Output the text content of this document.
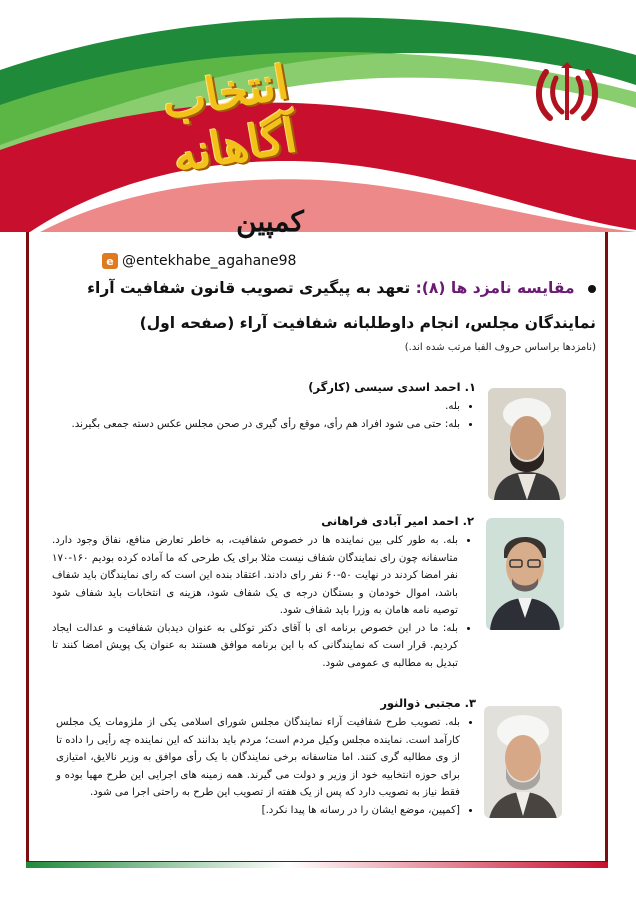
انتخاب آگاهانه
کمپین
e @entekhabe_agahane98
مقایسه نامزد ها (۸): تعهد به پیگیری تصویب قانون شفافیت آراء
نمایندگان مجلس، انجام داوطلبانه شفافیت آراء (صفحه اول)
(نامزدها براساس حروف الفبا مرتب شده اند.)
۱. احمد اسدی سیسی (کارگر)
• بله.
• بله: حتی می شود افراد هم رأی، موقع رأی گیری در صحن مجلس عکس دسته جمعی بگیرند.
۲. احمد امیر آبادی فراهانی
• بله. به طور کلی بین نماینده ها در خصوص شفافیت، به خاطر تعارض منافع، نفاق وجود دارد. متاسفانه چون رای نمایندگان شفاف نیست مثلا برای یک طرحی که ما آماده کرده بودیم ۱۶۰-۱۷۰ نفر امضا کردند در نهایت ۵۰-۶۰ نفر رای دادند. اعتقاد بنده این است که رای نمایندگان باید شفاف باشد، اموال خودمان و بستگان درجه ی یک شفاف شود، هزینه ی انتخابات باید شفاف شود توصیه نامه هامان به وزرا باید شفاف شود.
• بله: ما در این خصوص برنامه ای با آقای دکتر توکلی به عنوان دیدبان شفافیت و عدالت ایجاد کردیم. قرار است که نمایندگانی که با این برنامه موافق هستند به عنوان یک پویش امضا کنند تا تبدیل به مطالبه ی عمومی شود.
۳. مجتبی ذوالنور
• بله. تصویب طرح شفافیت آراء نمایندگان مجلس شورای اسلامی یکی از ملزومات یک مجلس کارآمد است. نماینده مجلس وکیل مردم است؛ مردم باید بدانند که این نماینده چه رأیی را داده تا از وی مطالبه گری کنند. اما متاسفانه برخی نمایندگان با یک رأی موافق به وزیر نالایق، امتیازی برای حوزه انتخابیه خود از وزیر و دولت می گیرند. همه زمینه های اجرایی این طرح مهیا بوده و فقط نیاز به تصویب دارد که پس از یک هفته از تصویب این طرح به راحتی اجرا می شود.
• [کمپین، موضع ایشان را در رسانه ها پیدا نکرد.]
